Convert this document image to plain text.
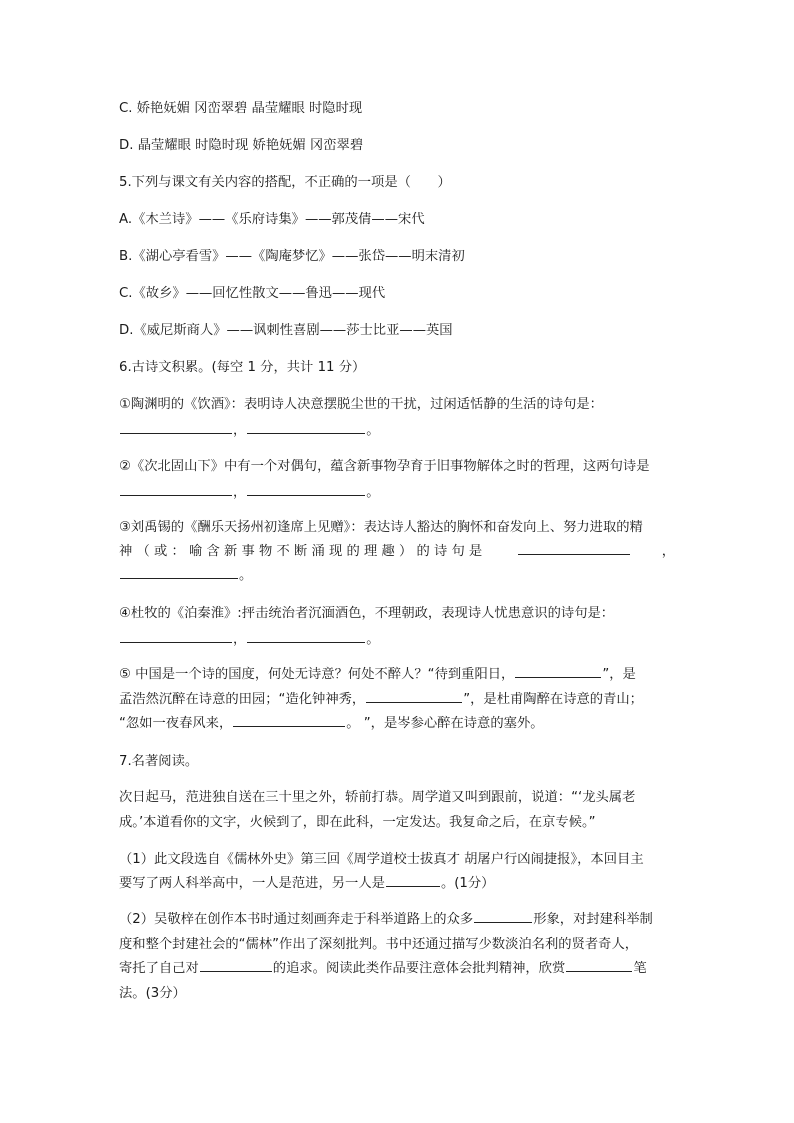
C. 娇艳妩媚 冈峦翠碧 晶莹耀眼 时隐时现
D. 晶莹耀眼 时隐时现 娇艳妩媚 冈峦翠碧
5.下列与课文有关内容的搭配，不正确的一项是（　　）
A.《木兰诗》——《乐府诗集》——郭茂倩——宋代
B.《湖心亭看雪》——《陶庵梦忆》——张岱——明末清初
C.《故乡》——回忆性散文——鲁迅——现代
D.《威尼斯商人》——讽刺性喜剧——莎士比亚——英国
6.古诗文积累。(每空 1 分，共计 11 分）
①陶渊明的《饮酒》：表明诗人决意摆脱尘世的干扰，过闲适恬静的生活的诗句是：
，	。
②《次北固山下》中有一个对偶句，蕴含新事物孕育于旧事物解体之时的哲理，这两句诗是
，	。
③刘禹锡的《酬乐天扬州初逢席上见赠》：表达诗人豁达的胸怀和奋发向上、努力进取的精
神（或：喻含新事物不断涌现的理趣）的诗句是	，
。
④杜牧的《泊秦淮》:抨击统治者沉湎酒色，不理朝政，表现诗人忧患意识的诗句是：
，	。
⑤ 中国是一个诗的国度，何处无诗意？何处不醉人？“待到重阳日，	”，是
孟浩然沉醉在诗意的田园；“造化钟神秀，	”，是杜甫陶醉在诗意的青山；
“忽如一夜春风来，	。 ”，是岑参心醉在诗意的塞外。
7.名著阅读。
次日起马，范进独自送在三十里之外，轿前打恭。周学道又叫到跟前，说道：“‘龙头属老
成。’本道看你的文字，火候到了，即在此科，一定发达。我复命之后，在京专候。”
（1）此文段选自《儒林外史》第三回《周学道校士拔真才 胡屠户行凶闹捷报》，本回目主
要写了两人科举高中，一人是范进，另一人是	。(1分）
（2）吴敬梓在创作本书时通过刻画奔走于科举道路上的众多	形象，对封建科举制
度和整个封建社会的“儒林”作出了深刻批判。书中还通过描写少数淡泊名利的贤者奇人，
寄托了自己对	的追求。阅读此类作品要注意体会批判精神，欣赏	笔
法。(3分）
